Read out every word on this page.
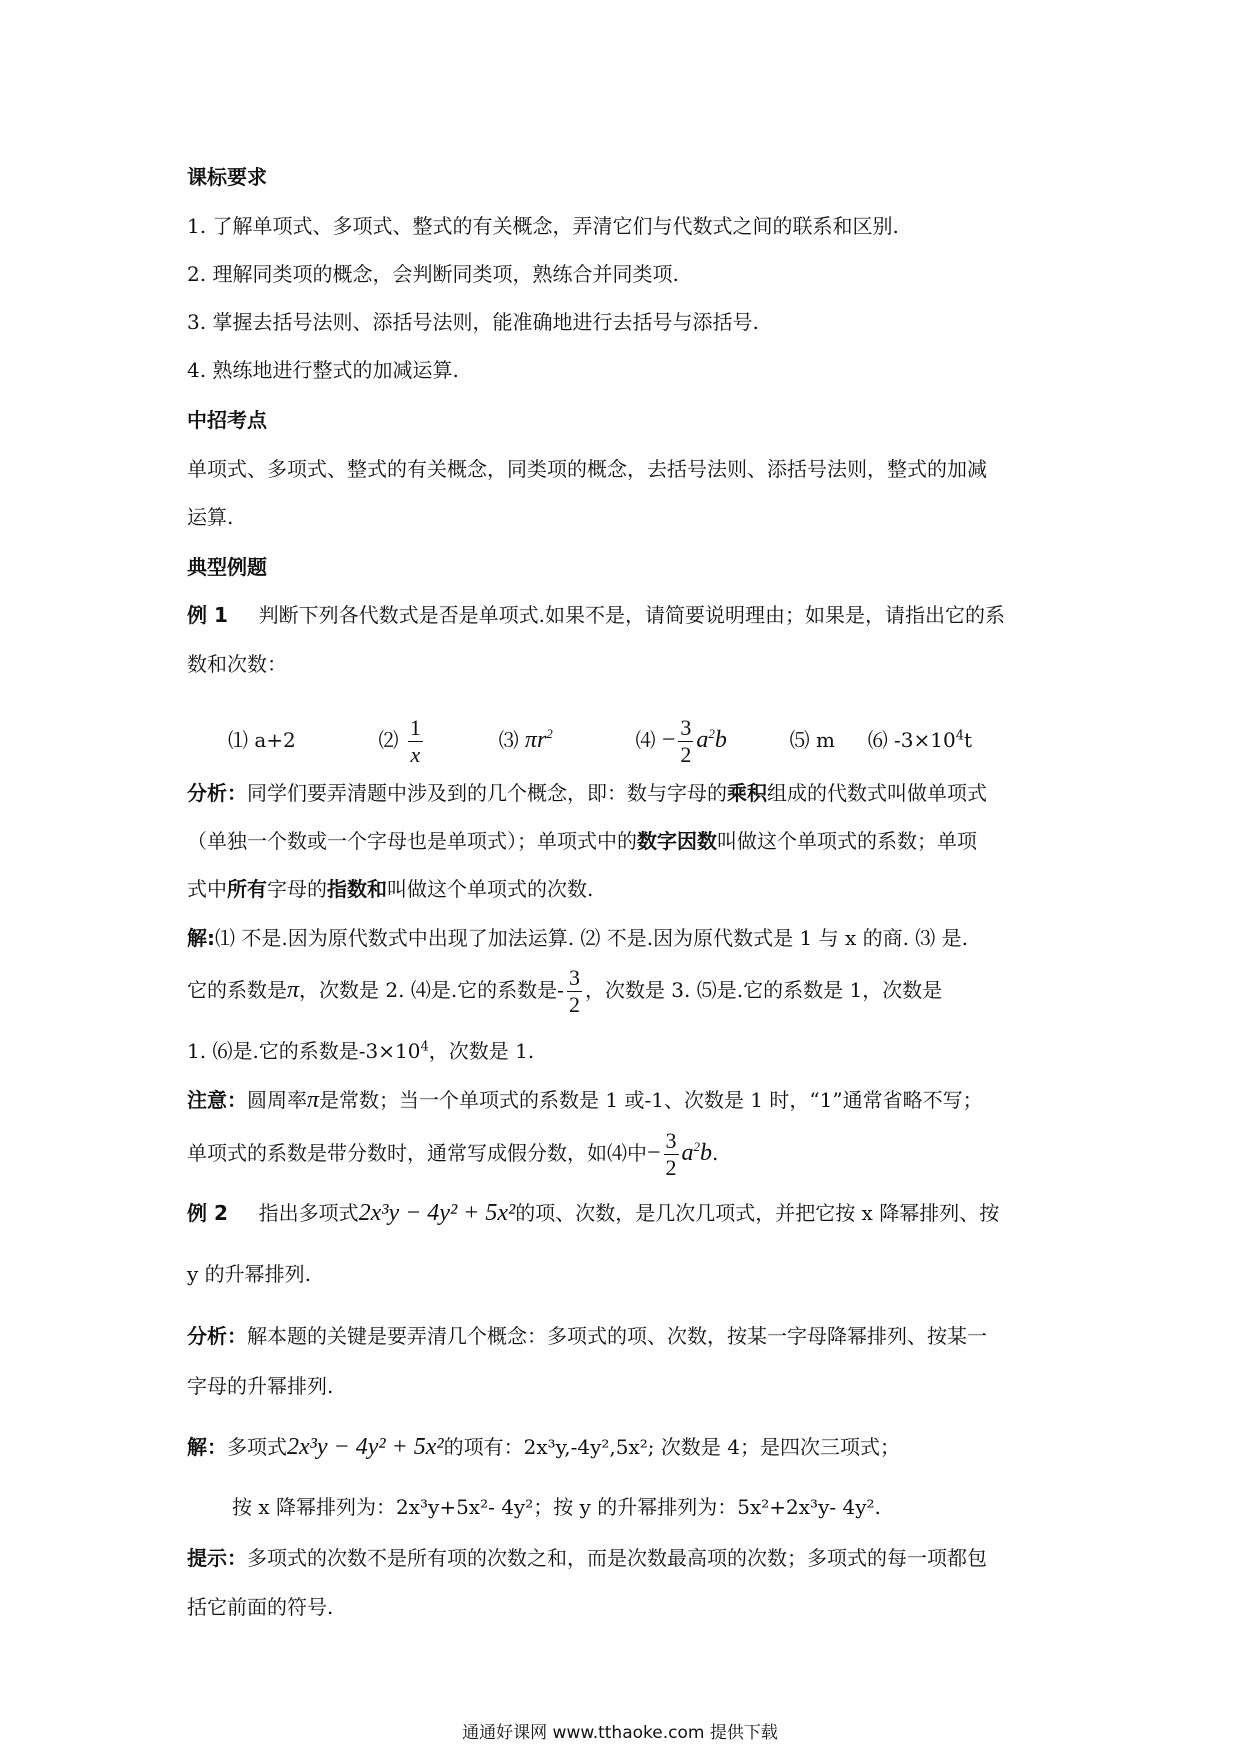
课标要求
1. 了解单项式、多项式、整式的有关概念，弄清它们与代数式之间的联系和区别.
2. 理解同类项的概念，会判断同类项，熟练合并同类项.
3. 掌握去括号法则、添括号法则，能准确地进行去括号与添括号.
4. 熟练地进行整式的加减运算.
中招考点
单项式、多项式、整式的有关概念，同类项的概念，去括号法则、添括号法则，整式的加减
运算.
典型例题
例 1 判断下列各代数式是否是单项式.如果不是，请简要说明理由；如果是，请指出它的系
数和次数：
⑴ a+2	⑵ $\frac{1}{x}$	⑶ $\pi r^2$	⑷ − $\frac{3}{2} a^2b$	⑸ m ⑹ $-3\times 10^4t$
分析：同学们要弄清题中涉及到的几个概念，即：数与字母的乘积组成的代数式叫做单项式
（单独一个数或一个字母也是单项式）；单项式中的数字因数叫做这个单项式的系数；单项
式中所有字母的指数和叫做这个单项式的次数.
解:⑴ 不是.因为原代数式中出现了加法运算. ⑵ 不是.因为原代数式是 1 与 x 的商. ⑶ 是.
它的系数是π，次数是 2. ⑷是.它的系数是- $\frac{3}{2}$ ，次数是 3. ⑸是.它的系数是 1，次数是
1. ⑹是.它的系数是$-3\times 10^4$，次数是 1.
注意：圆周率π是常数；当一个单项式的系数是 1 或-1、次数是 1 时，“1”通常省略不写；
单项式的系数是带分数时，通常写成假分数，如⑷中− $\frac{3}{2} a^2b$.
例 2 指出多项式2x³y − 4y² + 5x²的项、次数，是几次几项式，并把它按 x 降幂排列、按
y 的升幂排列.
分析：解本题的关键是要弄清几个概念：多项式的项、次数，按某一字母降幂排列、按某一
字母的升幂排列.
解：多项式2x³y − 4y² + 5x²的项有：2x³y,-4y²,5x²; 次数是 4；是四次三项式；
按 x 降幂排列为：2x³y+5x²- 4y²；按 y 的升幂排列为：5x²+2x³y- 4y².
提示：多项式的次数不是所有项的次数之和，而是次数最高项的次数；多项式的每一项都包
括它前面的符号.
通通好课网 www.tthaoke.com 提供下载
